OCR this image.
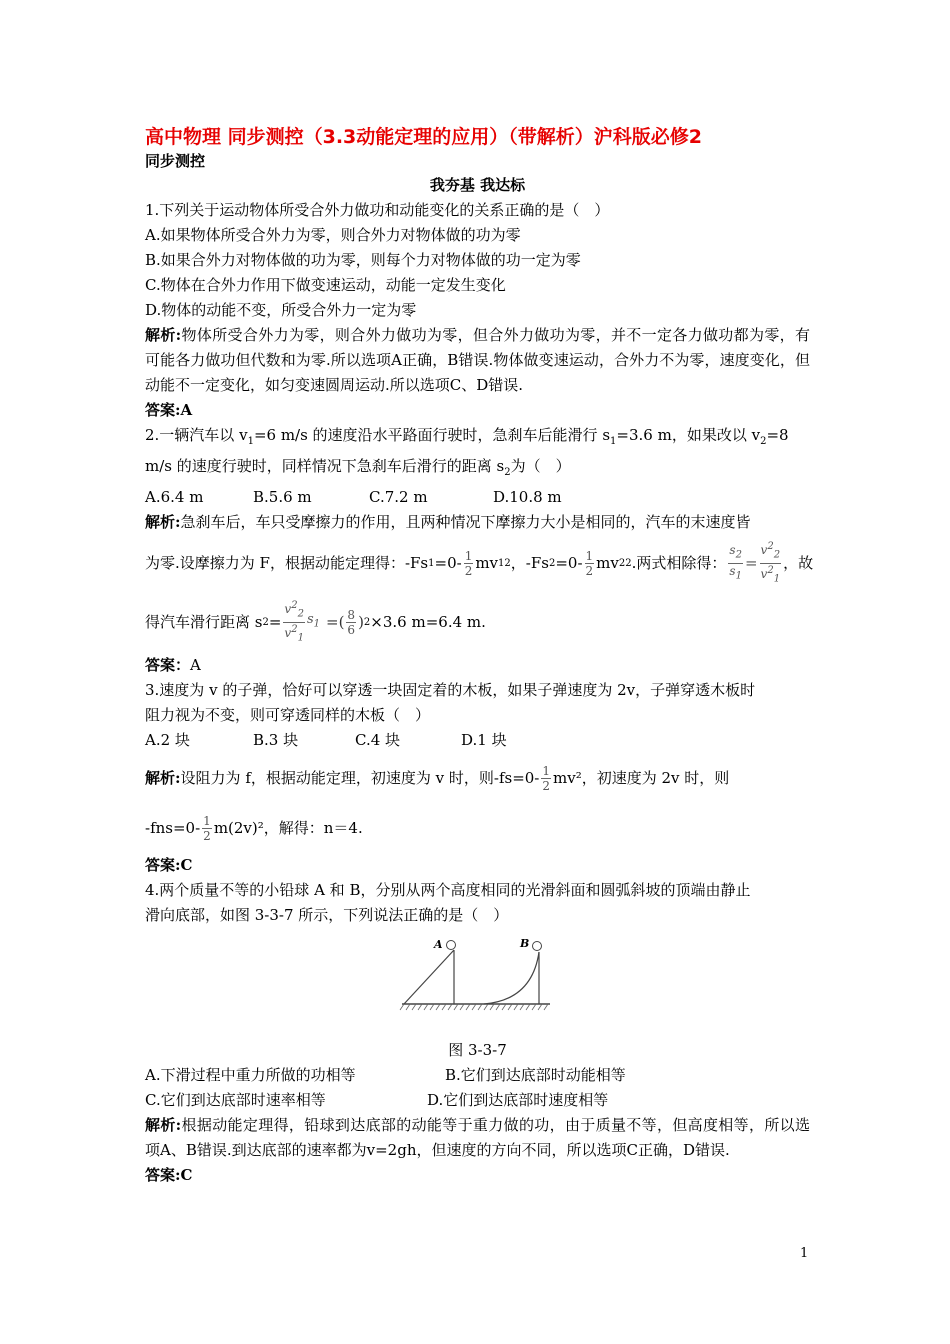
高中物理 同步测控（3.3动能定理的应用）（带解析）沪科版必修2
同步测控
我夯基 我达标
1.下列关于运动物体所受合外力做功和动能变化的关系正确的是（　）
A.如果物体所受合外力为零，则合外力对物体做的功为零
B.如果合外力对物体做的功为零，则每个力对物体做的功一定为零
C.物体在合外力作用下做变速运动，动能一定发生变化
D.物体的动能不变，所受合外力一定为零
解析:物体所受合外力为零，则合外力做功为零，但合外力做功为零，并不一定各力做功都为零，有可能各力做功但代数和为零.所以选项A正确，B错误.物体做变速运动，合外力不为零，速度变化，但动能不一定变化，如匀变速圆周运动.所以选项C、D错误.
答案:A
2.一辆汽车以 $v_1=6$ m/s 的速度沿水平路面行驶时，急刹车后能滑行 $s_1=3.6$ m，如果改以 $v_2=8$
m/s 的速度行驶时，同样情况下急刹车后滑行的距离 $s_2$为（　）
A.6.4 m	B.5.6 m	C.7.2 m	D.10.8 m
解析:急刹车后，车只受摩擦力的作用，且两种情况下摩擦力大小是相同的，汽车的末速度皆
为零.设摩擦力为 F，根据动能定理得：-Fs $1 =0- \frac{1}{2}$ mv 1 2 ，-Fs $2 =0- \frac{1}{2}$ mv 2 2 .两式相除得： $\frac{s_2}{s_1} = \frac{v^2_2}{v^2_1}$ ，故
得汽车滑行距离 s $2 = \frac{v^2_2}{v^2_1} s_1$ =( $\frac{8}{6}$ ) 2 ×3.6 m=6.4 m.
答案：A
3.速度为 v 的子弹，恰好可以穿透一块固定着的木板，如果子弹速度为 2v，子弹穿透木板时
阻力视为不变，则可穿透同样的木板（　）
A.2 块	B.3 块	C.4 块	D.1 块
解析: 设阻力为 f，根据动能定理，初速度为 v 时，则$-fs=0- \frac{1}{2} mv^2$，初速度为 2v 时，则
$-fns=0- \frac{1}{2} m(2v)^2$，解得：n＝4.
答案:C
4.两个质量不等的小铅球 A 和 B，分别从两个高度相同的光滑斜面和圆弧斜坡的顶端由静止
滑向底部，如图 3-3-7 所示，下列说法正确的是（　）
A	B
图 3-3-7
A.下滑过程中重力所做的功相等	B.它们到达底部时动能相等
C.它们到达底部时速率相等	D.它们到达底部时速度相等
解析:根据动能定理得，铅球到达底部的动能等于重力做的功，由于质量不等，但高度相等，所以选项A、B错误.到达底部的速率都为v=2gh，但速度的方向不同，所以选项C正确，D错误.
答案:C
1
